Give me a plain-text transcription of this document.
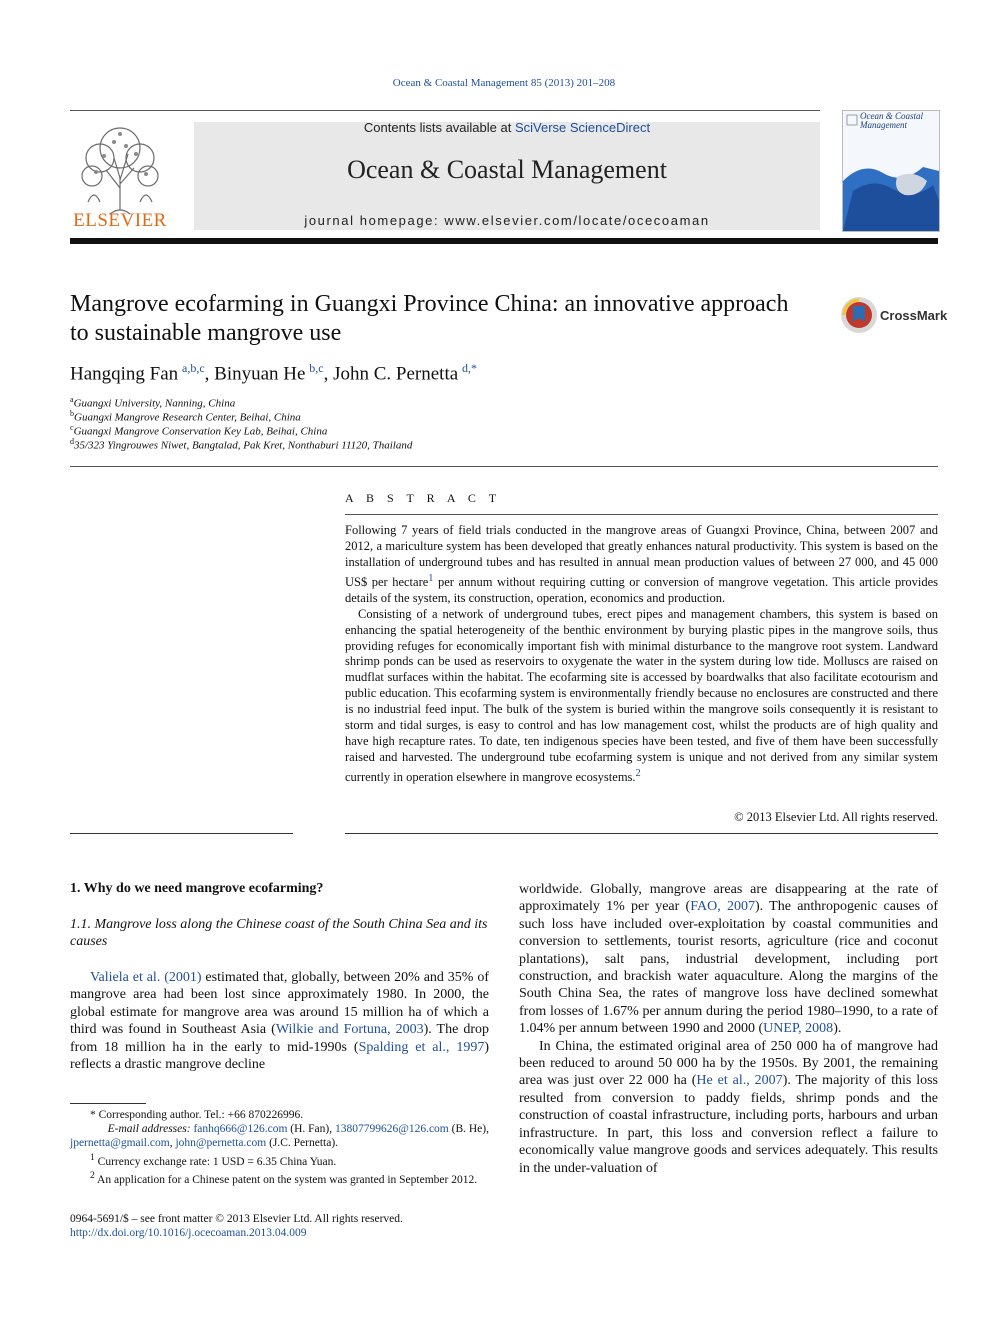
Ocean & Coastal Management 85 (2013) 201–208
ELSEVIER
Contents lists available at SciVerse ScienceDirect
Ocean & Coastal Management
journal homepage: www.elsevier.com/locate/ocecoaman
Ocean & Coastal Management
Mangrove ecofarming in Guangxi Province China: an innovative approach to sustainable mangrove use
CrossMark
Hangqing Fan  $^{a,b,c}$, Binyuan He  $^{b,c}$, John C. Pernetta  $^{d,*}$
$^a$Guangxi University, Nanning, China
$^b$Guangxi Mangrove Research Center, Beihai, China
$^c$Guangxi Mangrove Conservation Key Lab, Beihai, China
$^d$35/323 Yingrouwes Niwet, Bangtalad, Pak Kret, Nonthaburi 11120, Thailand
A B S T R A C T

Following 7 years of field trials conducted in the mangrove areas of Guangxi Province, China, between 2007 and 2012, a mariculture system has been developed that greatly enhances natural productivity. This system is based on the installation of underground tubes and has resulted in annual mean production values of between 27 000, and 45 000 US$ per hectare$^1$ per annum without requiring cutting or conversion of mangrove vegetation. This article provides details of the system, its construction, operation, economics and production.

Consisting of a network of underground tubes, erect pipes and management chambers, this system is based on enhancing the spatial heterogeneity of the benthic environment by burying plastic pipes in the mangrove soils, thus providing refuges for economically important fish with minimal disturbance to the mangrove root system. Landward shrimp ponds can be used as reservoirs to oxygenate the water in the system during low tide. Molluscs are raised on mudflat surfaces within the habitat. The ecofarming site is accessed by boardwalks that also facilitate ecotourism and public education. This ecofarming system is environmentally friendly because no enclosures are constructed and there is no industrial feed input. The bulk of the system is buried within the mangrove soils consequently it is resistant to storm and tidal surges, is easy to control and has low management cost, whilst the products are of high quality and have high recapture rates. To date, ten indigenous species have been tested, and five of them have been successfully raised and harvested. The underground tube ecofarming system is unique and not derived from any similar system currently in operation elsewhere in mangrove ecosystems.$^2$

© 2013 Elsevier Ltd. All rights reserved.
1. Why do we need mangrove ecofarming?
1.1. Mangrove loss along the Chinese coast of the South China Sea and its causes

Valiela et al. (2001) estimated that, globally, between 20% and 35% of mangrove area had been lost since approximately 1980. In 2000, the global estimate for mangrove area was around 15 million ha of which a third was found in Southeast Asia (Wilkie and Fortuna, 2003). The drop from 18 million ha in the early to mid-1990s (Spalding et al., 1997) reflects a drastic mangrove decline

worldwide. Globally, mangrove areas are disappearing at the rate of approximately 1% per year (FAO, 2007). The anthropogenic causes of such loss have included over-exploitation by coastal communities and conversion to settlements, tourist resorts, agriculture (rice and coconut plantations), salt pans, industrial development, including port construction, and brackish water aquaculture. Along the margins of the South China Sea, the rates of mangrove loss have declined somewhat from losses of 1.67% per annum during the period 1980–1990, to a rate of 1.04% per annum between 1990 and 2000 (UNEP, 2008).

In China, the estimated original area of 250 000 ha of mangrove had been reduced to around 50 000 ha by the 1950s. By 2001, the remaining area was just over 22 000 ha (He et al., 2007). The majority of this loss resulted from conversion to paddy fields, shrimp ponds and the construction of coastal infrastructure, including ports, harbours and urban infrastructure. In part, this loss and conversion reflect a failure to economically value mangrove goods and services adequately. This results in the under-valuation of

* Corresponding author. Tel.: +66 870226996.
E-mail addresses: fanhq666@126.com (H. Fan), 13807799626@126.com (B. He),
jpernetta@gmail.com, john@pernetta.com (J.C. Pernetta).
$^1$ Currency exchange rate: 1 USD = 6.35 China Yuan.
$^2$ An application for a Chinese patent on the system was granted in September 2012.
0964-5691/$ – see front matter © 2013 Elsevier Ltd. All rights reserved.
http://dx.doi.org/10.1016/j.ocecoaman.2013.04.009
